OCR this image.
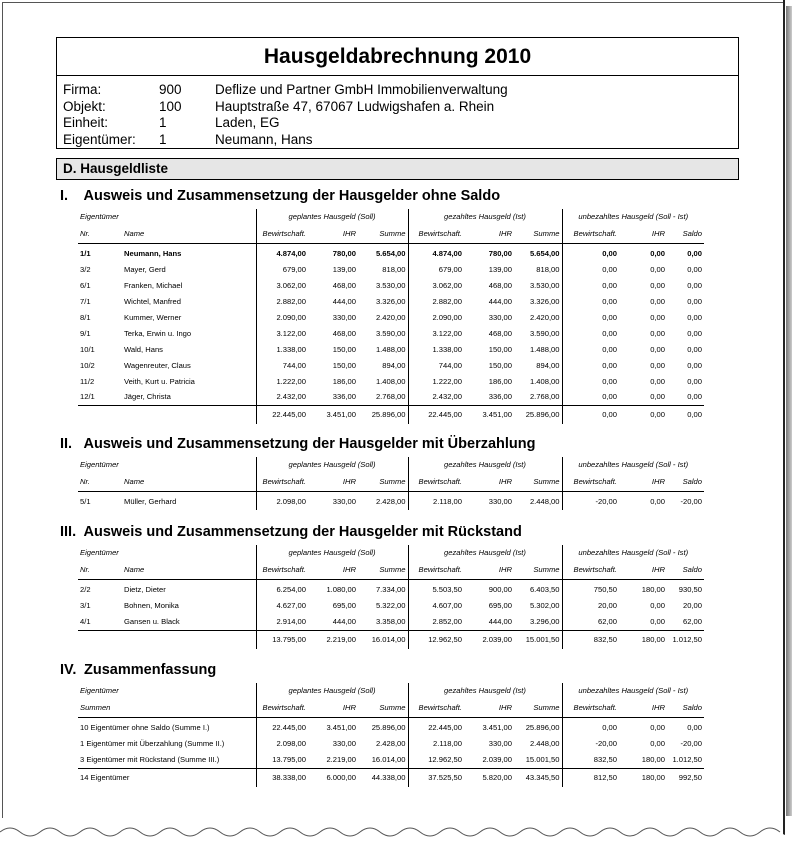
Hausgeldabrechnung 2010
Firma:	900	Deflize und Partner GmbH Immobilienverwaltung
Objekt:	100	Hauptstraße 47, 67067 Ludwigshafen a. Rhein
Einheit:	1	Laden, EG
Eigentümer:	1	Neumann, Hans
D. Hausgeldliste
I. Ausweis und Zusammensetzung der Hausgelder ohne Saldo
II. Ausweis und Zusammensetzung der Hausgelder mit Überzahlung
III. Ausweis und Zusammensetzung der Hausgelder mit Rückstand
IV. Zusammenfassung
Eigentümer		geplantes Hausgeld (Soll)			gezahltes Hausgeld (Ist)			unbezahltes Hausgeld (Soll - Ist)		
Nr.	Name	Bewirtschaft.	IHR	Summe	Bewirtschaft.	IHR	Summe	Bewirtschaft.	IHR	Saldo

1/1	Neumann, Hans	4.874,00	780,00	5.654,00	4.874,00	780,00	5.654,00	0,00	0,00	0,00
3/2	Mayer, Gerd	679,00	139,00	818,00	679,00	139,00	818,00	0,00	0,00	0,00
6/1	Franken, Michael	3.062,00	468,00	3.530,00	3.062,00	468,00	3.530,00	0,00	0,00	0,00
7/1	Wichtel, Manfred	2.882,00	444,00	3.326,00	2.882,00	444,00	3.326,00	0,00	0,00	0,00
8/1	Kummer, Werner	2.090,00	330,00	2.420,00	2.090,00	330,00	2.420,00	0,00	0,00	0,00
9/1	Terka, Erwin u. Ingo	3.122,00	468,00	3.590,00	3.122,00	468,00	3.590,00	0,00	0,00	0,00
10/1	Wald, Hans	1.338,00	150,00	1.488,00	1.338,00	150,00	1.488,00	0,00	0,00	0,00
10/2	Wagenreuter, Claus	744,00	150,00	894,00	744,00	150,00	894,00	0,00	0,00	0,00
11/2	Veith, Kurt u. Patricia	1.222,00	186,00	1.408,00	1.222,00	186,00	1.408,00	0,00	0,00	0,00
12/1	Jäger, Christa	2.432,00	336,00	2.768,00	2.432,00	336,00	2.768,00	0,00	0,00	0,00
		22.445,00	3.451,00	25.896,00	22.445,00	3.451,00	25.896,00	0,00	0,00	0,00
Eigentümer		geplantes Hausgeld (Soll)			gezahltes Hausgeld (Ist)			unbezahltes Hausgeld (Soll - Ist)		
Nr.	Name	Bewirtschaft.	IHR	Summe	Bewirtschaft.	IHR	Summe	Bewirtschaft.	IHR	Saldo

5/1	Müller, Gerhard	2.098,00	330,00	2.428,00	2.118,00	330,00	2.448,00	-20,00	0,00	-20,00
Eigentümer		geplantes Hausgeld (Soll)			gezahltes Hausgeld (Ist)			unbezahltes Hausgeld (Soll - Ist)		
Nr.	Name	Bewirtschaft.	IHR	Summe	Bewirtschaft.	IHR	Summe	Bewirtschaft.	IHR	Saldo

2/2	Dietz, Dieter	6.254,00	1.080,00	7.334,00	5.503,50	900,00	6.403,50	750,50	180,00	930,50
3/1	Bohnen, Monika	4.627,00	695,00	5.322,00	4.607,00	695,00	5.302,00	20,00	0,00	20,00
4/1	Gansen u. Black	2.914,00	444,00	3.358,00	2.852,00	444,00	3.296,00	62,00	0,00	62,00
		13.795,00	2.219,00	16.014,00	12.962,50	2.039,00	15.001,50	832,50	180,00	1.012,50
Eigentümer	geplantes Hausgeld (Soll)			gezahltes Hausgeld (Ist)			unbezahltes Hausgeld (Soll - Ist)		
Summen	Bewirtschaft.	IHR	Summe	Bewirtschaft.	IHR	Summe	Bewirtschaft.	IHR	Saldo

10 Eigentümer ohne Saldo (Summe I.)	22.445,00	3.451,00	25.896,00	22.445,00	3.451,00	25.896,00	0,00	0,00	0,00
1 Eigentümer mit Überzahlung (Summe II.)	2.098,00	330,00	2.428,00	2.118,00	330,00	2.448,00	-20,00	0,00	-20,00
3 Eigentümer mit Rückstand (Summe III.)	13.795,00	2.219,00	16.014,00	12.962,50	2.039,00	15.001,50	832,50	180,00	1.012,50
14 Eigentümer	38.338,00	6.000,00	44.338,00	37.525,50	5.820,00	43.345,50	812,50	180,00	992,50
